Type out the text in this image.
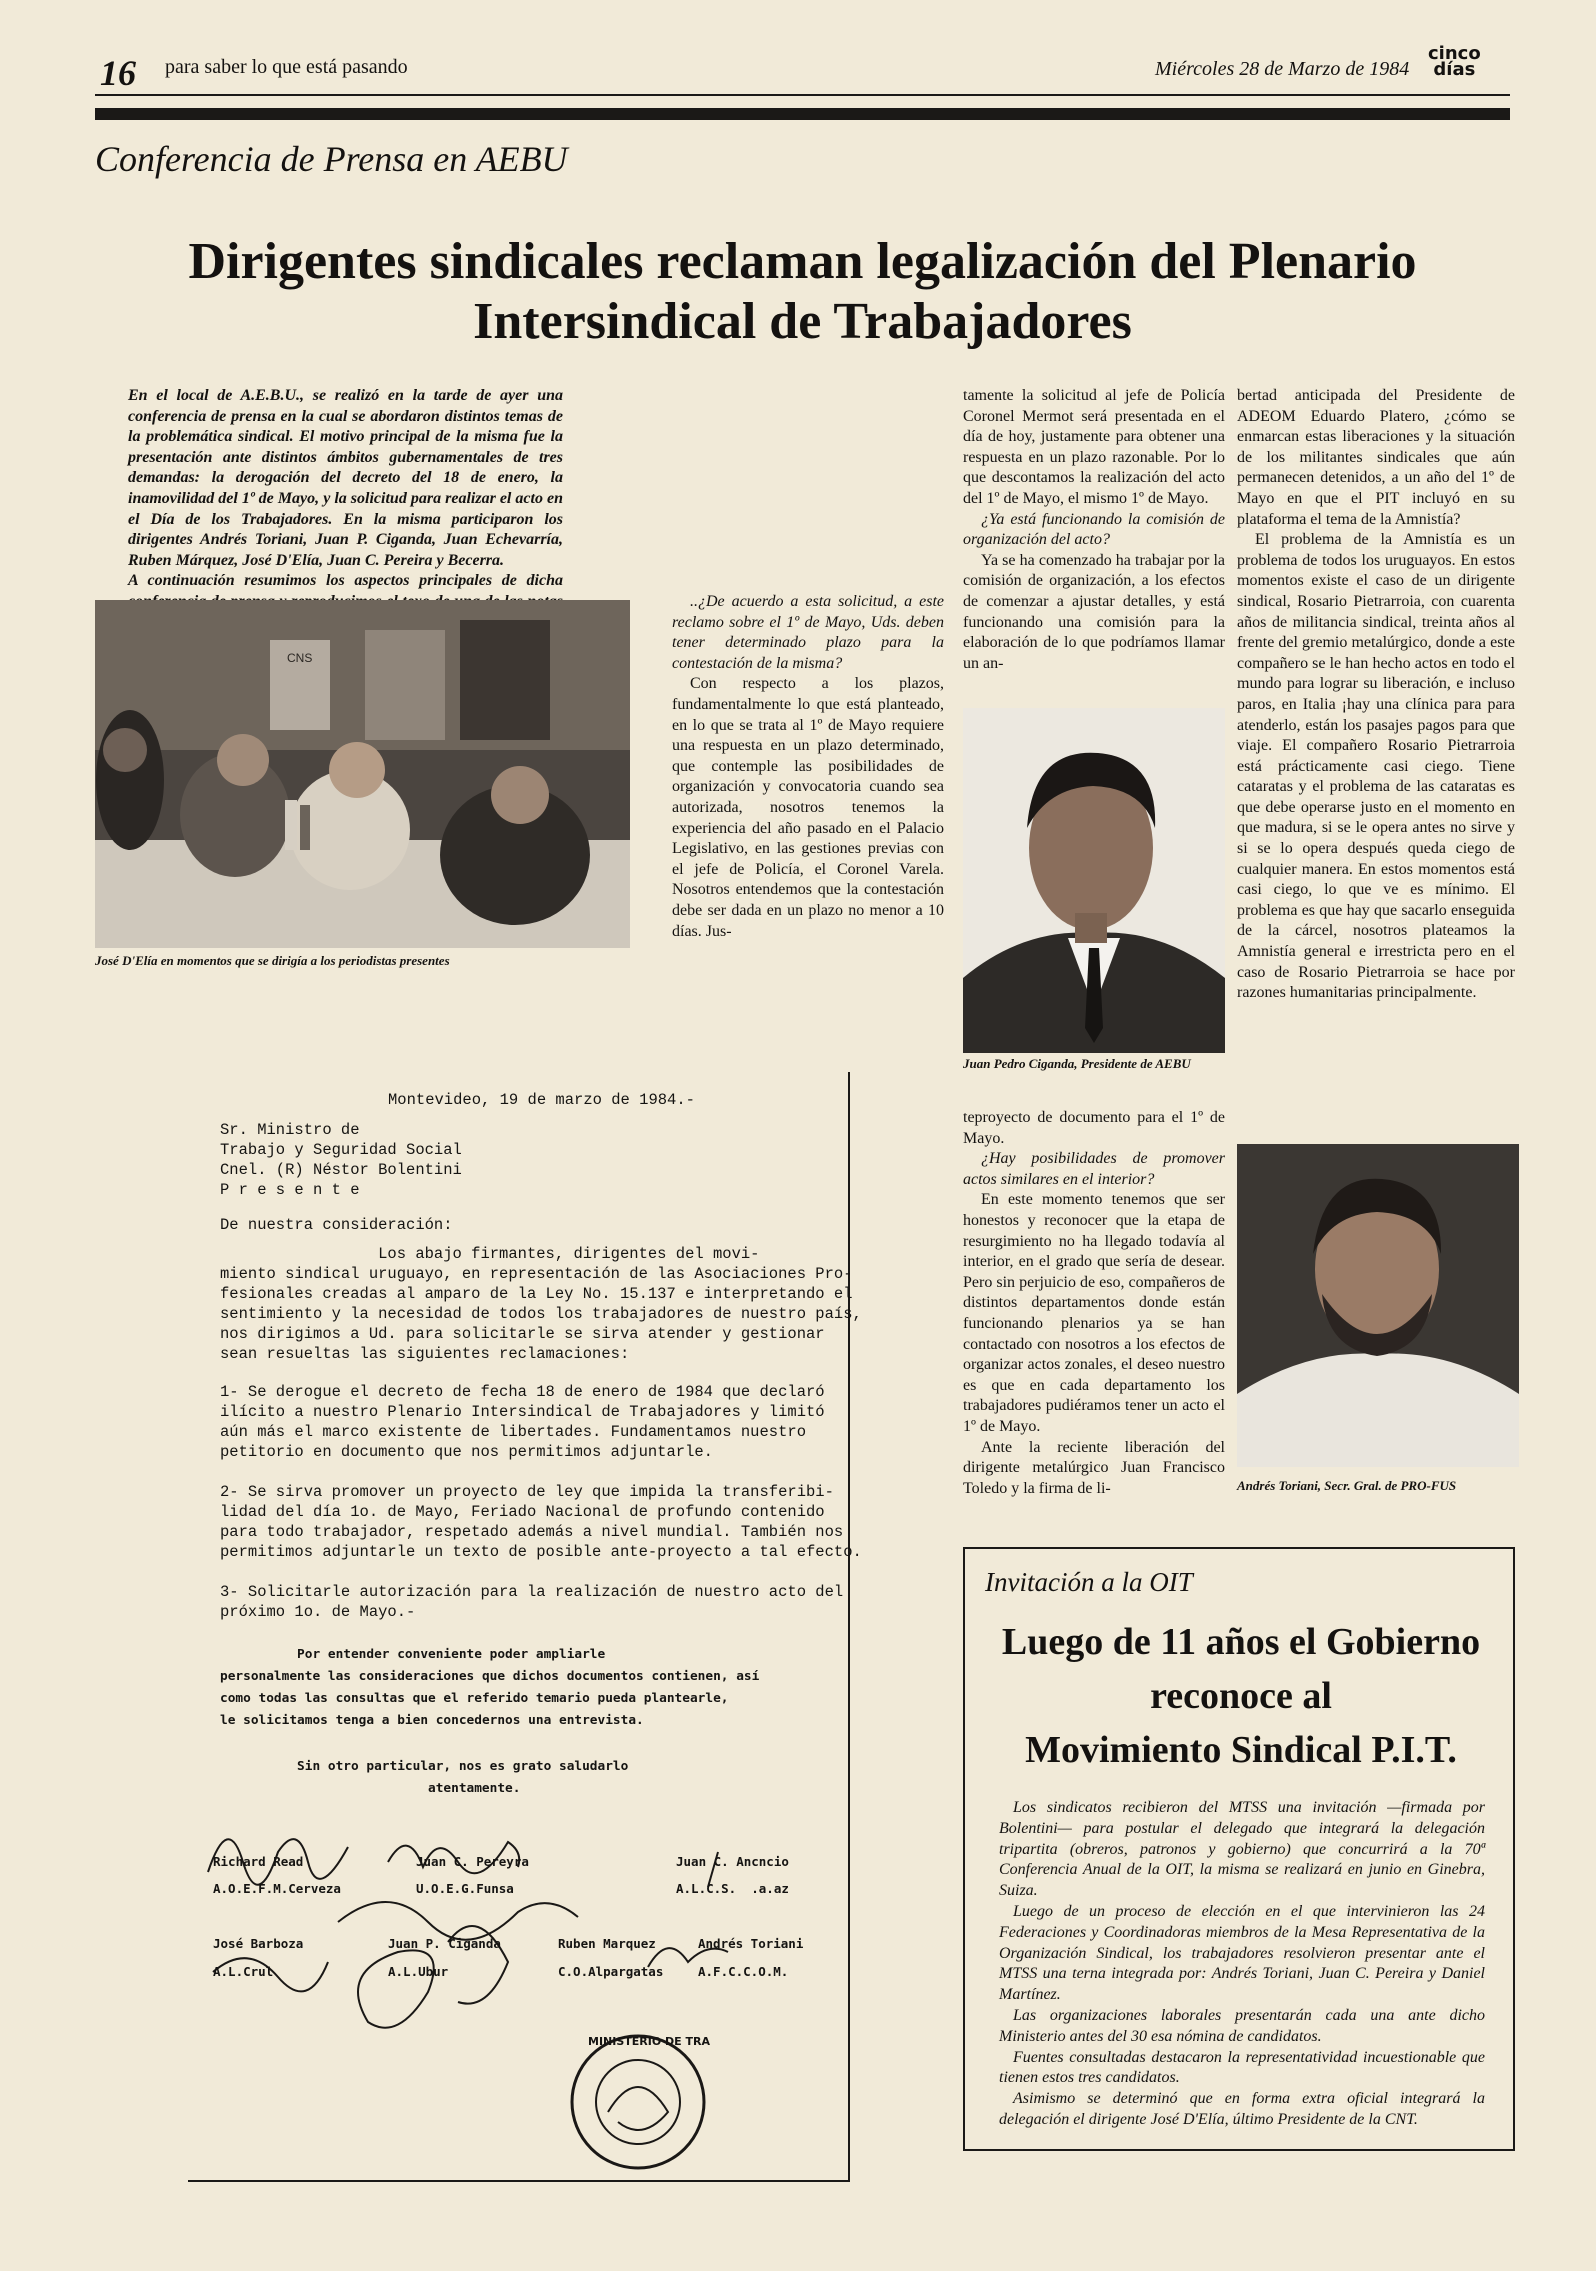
16 para saber lo que está pasando	Miércoles 28 de Marzo de 1984
cinco
días
Conferencia de Prensa en AEBU
Dirigentes sindicales reclaman legalización del Plenario
Intersindical de Trabajadores

En el local de A.E.B.U., se realizó en la tarde de ayer una conferencia de prensa en la cual se abordaron distintos temas de la problemática sindical. El motivo principal de la misma fue la presentación ante distintos ámbitos gubernamentales de tres demandas: la derogación del decreto del 18 de enero, la inamovilidad del 1º de Mayo, y la solicitud para realizar el acto en el Día de los Trabajadores. En la misma participaron los dirigentes Andrés Toriani, Juan P. Ciganda, Juan Echevarría, Ruben Márquez, José D'Elía, Juan C. Pereira y Becerra.

A continuación resumimos los aspectos principales de dicha

CNS
José D'Elía en momentos que se dirigía a los periodistas presentes

..¿De acuerdo a esta solicitud, a este reclamo sobre el 1º de Mayo, Uds. deben tener determinado plazo para la contestación de la misma?

Con respecto a los plazos, fundamentalmente lo que está planteado, en lo que se trata al 1º de Mayo requiere una respuesta en un plazo determinado, que contemple las posibilidades de organización y convocatoria cuando sea autorizada, nosotros tenemos la experiencia del año pasado en el Palacio Legislativo, en las gestiones previas con el jefe de Policía, el Coronel Varela. Nosotros entendemos que la contestación debe ser dada en un plazo no menor a 10 días. Jus-

tamente la solicitud al jefe de Policía Coronel Mermot será presentada en el día de hoy, justamente para obtener una respuesta en un plazo razonable. Por lo que descontamos la realización del acto del 1º de Mayo, el mismo 1º de Mayo.

¿Ya está funcionando la comisión de organización del acto?

Ya se ha comenzado ha trabajar por la comisión de organización, a los efectos de comenzar a ajustar detalles, y está funcionando una comisión para la elaboración de lo que podríamos llamar un an-

Juan Pedro Ciganda, Presidente de AEBU

teproyecto de documento para el 1º de Mayo.

¿Hay posibilidades de promover actos similares en el interior?

En este momento tenemos que ser honestos y reconocer que la etapa de resurgimiento no ha llegado todavía al interior, en el grado que sería de desear. Pero sin perjuicio de eso, compañeros de distintos departamentos donde están funcionando plenarios ya se han contactado con nosotros a los efectos de organizar actos zonales, el deseo nuestro es que en cada departamento los trabajadores pudiéramos tener un acto el 1º de Mayo.

Ante la reciente liberación del dirigente metalúrgico Juan Francisco Toledo y la firma de li-

bertad anticipada del Presidente de ADEOM Eduardo Platero, ¿cómo se enmarcan estas liberaciones y la situación de los militantes sindicales que aún permanecen detenidos, a un año del 1º de Mayo en que el PIT incluyó en su plataforma el tema de la Amnistía?

El problema de la Amnistía es un problema de todos los uruguayos. En estos momentos existe el caso de un dirigente sindical, Rosario Pietrarroia, con cuarenta años de militancia sindical, treinta años al frente del gremio metalúrgico, donde a este compañero se le han hecho actos en todo el mundo para lograr su liberación, e incluso paros, en Italia ¡hay una clínica para para atenderlo, están los pasajes pagos para que viaje. El compañero Rosario Pietrarroia está prácticamente casi ciego. Tiene cataratas y el problema de las cataratas es que debe operarse justo en el momento en que madura, si se le opera antes no sirve y si se lo opera después queda ciego de cualquier manera. En estos momentos está casi ciego, lo que ve es mínimo. El problema es que hay que sacarlo enseguida de la cárcel, nosotros plateamos la Amnistía general e irrestricta pero en el caso de Rosario Pietrarroia se hace por razones humanitarias principalmente.

Andrés Toriani, Secr. Gral. de PRO-FUS
Montevideo, 19 de marzo de 1984.-
Sr. Ministro de
Trabajo y Seguridad Social
Cnel. (R) Néstor Bolentini
P r e s e n t e
De nuestra consideración:
Los abajo firmantes, dirigentes del movi-
miento sindical uruguayo, en representación de las Asociaciones Pro-
fesionales creadas al amparo de la Ley No. 15.137 e interpretando el
sentimiento y la necesidad de todos los trabajadores de nuestro país,
nos dirigimos a Ud. para solicitarle se sirva atender y gestionar
sean resueltas las siguientes reclamaciones:
1- Se derogue el decreto de fecha 18 de enero de 1984 que declaró
ilícito a nuestro Plenario Intersindical de Trabajadores y limitó
aún más el marco existente de libertades. Fundamentamos nuestro
petitorio en documento que nos permitimos adjuntarle.
2- Se sirva promover un proyecto de ley que impida la transferibi-
lidad del día 1o. de Mayo, Feriado Nacional de profundo contenido
para todo trabajador, respetado además a nivel mundial. También nos
permitimos adjuntarle un texto de posible ante-proyecto a tal efecto.
3- Solicitarle autorización para la realización de nuestro acto del
próximo 1o. de Mayo.-
Por entender conveniente poder ampliarle
personalmente las consideraciones que dichos documentos contienen, así
como todas las consultas que el referido temario pueda plantearle,
le solicitamos tenga a bien concedernos una entrevista.
Sin otro particular, nos es grato saludarlo
atentamente.
Richard Read
A.O.E.F.M.Cerveza
Juan C. Pereyra
U.O.E.G.Funsa
Juan C. Ancncio
A.L.C.S.  .a.az
José Barboza
A.L.Crul
Juan P. Ciganda
A.L.Ubur
Ruben Marquez
C.O.Alpargatas
Andrés Toriani
A.F.C.C.O.M.
MINISTERIO DE TRA
Invitación a la OIT
Luego de 11 años el Gobierno
reconoce al
Movimiento Sindical P.I.T.

Los sindicatos recibieron del MTSS una invitación —firmada por Bolentini— para postular el delegado que integrará la delegación tripartita (obreros, patronos y gobierno) que concurrirá a la 70ª Conferencia Anual de la OIT, la misma se realizará en junio en Ginebra, Suiza.

Luego de un proceso de elección en el que intervinieron las 24 Federaciones y Coordinadoras miembros de la Mesa Representativa de la Organización Sindical, los trabajadores resolvieron presentar ante el MTSS una terna integrada por: Andrés Toriani, Juan C. Pereira y Daniel Martínez.

Las organizaciones laborales presentarán cada una ante dicho Ministerio antes del 30 esa nómina de candidatos.

Fuentes consultadas destacaron la representatividad incuestionable que tienen estos tres candidatos.

Asimismo se determinó que en forma extra oficial integrará la delegación el dirigente José D'Elía, último Presidente de la CNT.
